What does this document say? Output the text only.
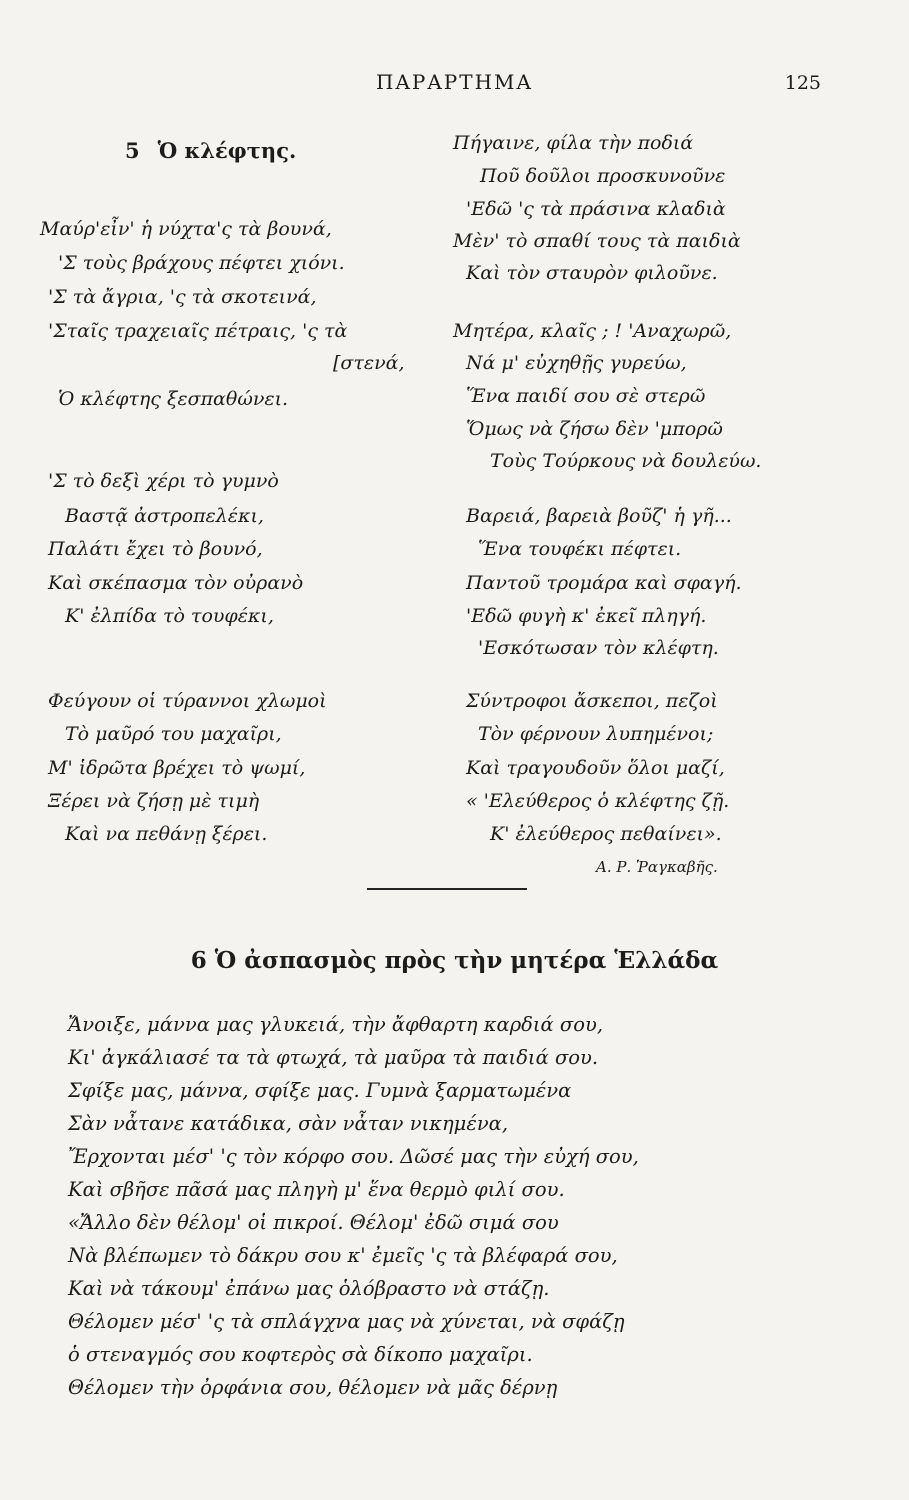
ΠΑΡΑΡΤΗΜΑ	125
5 Ὁ κλέφτης.
Μαύρ'εἶν' ἡ νύχτα'ς τὰ βουνά,
'Σ τοὺς βράχους πέφτει χιόνι.
'Σ τὰ ἄγρια, 'ς τὰ σκοτεινά,
'Σταῖς τραχειαῖς πέτραις, 'ς τὰ
[στενά,
Ὁ κλέφτης ξεσπαθώνει.
'Σ τὸ δεξὶ χέρι τὸ γυμνὸ
Βαστᾷ ἀστροπελέκι,
Παλάτι ἔχει τὸ βουνό,
Καὶ σκέπασμα τὸν οὐρανὸ
Κ' ἐλπίδα τὸ τουφέκι,
Φεύγουν οἱ τύραννοι χλωμοὶ
Τὸ μαῦρό του μαχαῖρι,
Μ' ἱδρῶτα βρέχει τὸ ψωμί,
Ξέρει νὰ ζήσῃ μὲ τιμὴ
Καὶ να πεθάνῃ ξέρει.
Πήγαινε, φίλα τὴν ποδιά
Ποῦ δοῦλοι προσκυνοῦνε
'Εδῶ 'ς τὰ πράσινα κλαδιὰ
Μὲν' τὸ σπαθί τους τὰ παιδιὰ
Καὶ τὸν σταυρὸν φιλοῦνε.
Μητέρα, κλαῖς ; ! 'Αναχωρῶ,
Νά μ' εὐχηθῇς γυρεύω,
Ἕνα παιδί σου σὲ στερῶ
Ὅμως νὰ ζήσω δὲν 'μπορῶ
Τοὺς Τούρκους νὰ δουλεύω.
Βαρειά, βαρειὰ βοῦζ' ἡ γῆ...
Ἕνα τουφέκι πέφτει.
Παντοῦ τρομάρα καὶ σφαγή.
'Εδῶ φυγὴ κ' ἐκεῖ πληγή.
'Εσκότωσαν τὸν κλέφτη.
Σύντροφοι ἄσκεποι, πεζοὶ
Τὸν φέρνουν λυπημένοι;
Καὶ τραγουδοῦν ὅλοι μαζί,
« 'Ελεύθερος ὁ κλέφτης ζῇ.
Κ' ἐλεύθερος πεθαίνει».
Α. Ρ. Ῥαγκαβῆς.
6 Ὁ ἀσπασμὸς πρὸς τὴν μητέρα Ἑλλάδα
Ἄνοιξε, μάννα μας γλυκειά, τὴν ἄφθαρτη καρδιά σου,
Κι' ἀγκάλιασέ τα τὰ φτωχά, τὰ μαῦρα τὰ παιδιά σου.
Σφίξε μας, μάννα, σφίξε μας. Γυμνὰ ξαρματωμένα
Σὰν νἆτανε κατάδικα, σὰν νἆταν νικημένα,
Ἔρχονται μέσ' 'ς τὸν κόρφο σου. Δῶσέ μας τὴν εὐχή σου,
Καὶ σβῆσε πᾶσά μας πληγὴ μ' ἕνα θερμὸ φιλί σου.
«Ἄλλο δὲν θέλομ' οἱ πικροί. Θέλομ' ἐδῶ σιμά σου
Νὰ βλέπωμεν τὸ δάκρυ σου κ' ἐμεῖς 'ς τὰ βλέφαρά σου,
Καὶ νὰ τάκουμ' ἐπάνω μας ὁλόβραστο νὰ στάζῃ.
Θέλομεν μέσ' 'ς τὰ σπλάγχνα μας νὰ χύνεται, νὰ σφάζῃ
ὁ στεναγμός σου κοφτερὸς σὰ δίκοπο μαχαῖρι.
Θέλομεν τὴν ὀρφάνια σου, θέλομεν νὰ μᾶς δέρνῃ
